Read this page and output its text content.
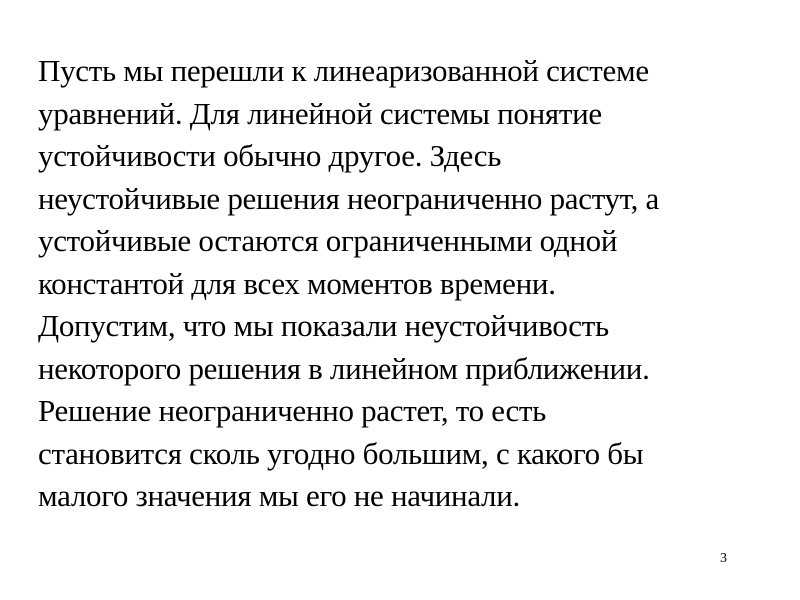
Пусть мы перешли к линеаризованной системе
уравнений. Для линейной системы понятие
устойчивости обычно другое. Здесь
неустойчивые решения неограниченно растут, а
устойчивые остаются ограниченными одной
константой для всех моментов времени.
Допустим, что мы показали неустойчивость
некоторого решения в линейном приближении.
Решение неограниченно растет, то есть
становится сколь угодно большим, с какого бы
малого значения мы его не начинали.
3
